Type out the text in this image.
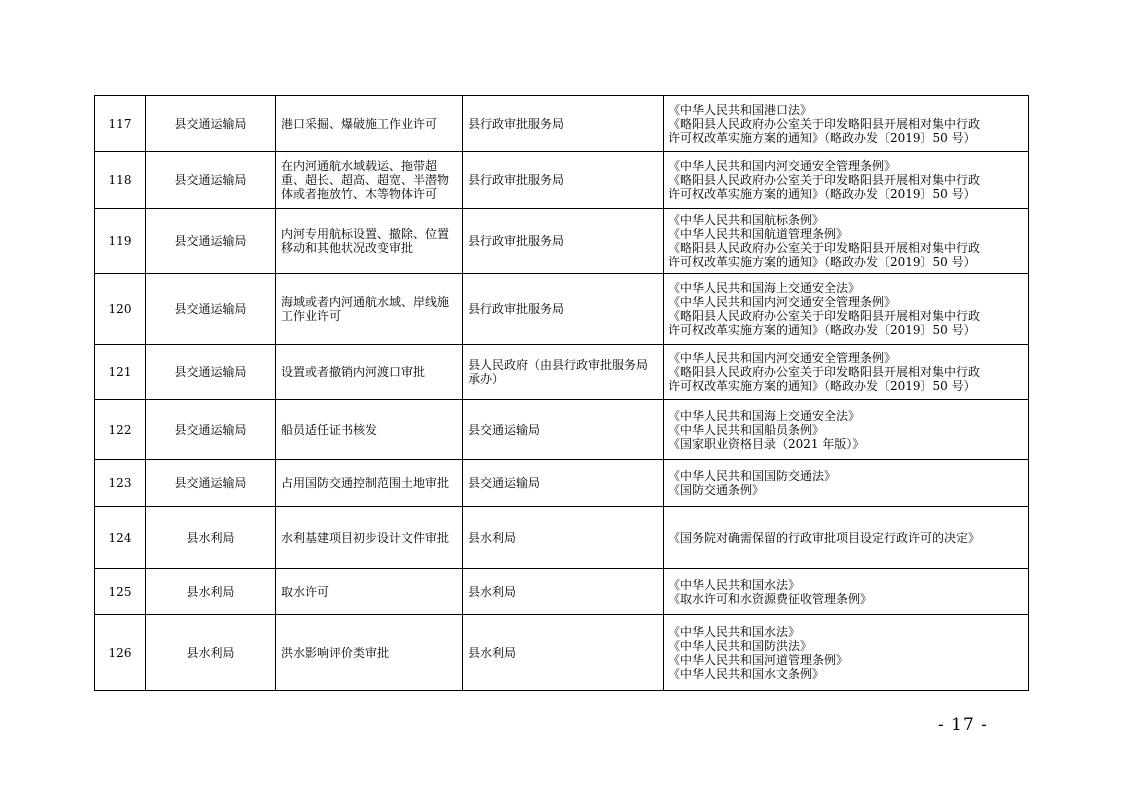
117	县交通运输局	港口采掘、爆破施工作业许可	县行政审批服务局	《中华人民共和国港口法》
《略阳县人民政府办公室关于印发略阳县开展相对集中行政
许可权改革实施方案的通知》（略政办发〔2019〕50 号）

118	县交通运输局	在内河通航水域载运、拖带超重、超长、超高、超宽、半潜物体或者拖放竹、木等物体许可	县行政审批服务局	《中华人民共和国内河交通安全管理条例》
《略阳县人民政府办公室关于印发略阳县开展相对集中行政
许可权改革实施方案的通知》（略政办发〔2019〕50 号）

119	县交通运输局	内河专用航标设置、撤除、位置移动和其他状况改变审批	县行政审批服务局	《中华人民共和国航标条例》
《中华人民共和国航道管理条例》
《略阳县人民政府办公室关于印发略阳县开展相对集中行政
许可权改革实施方案的通知》（略政办发〔2019〕50 号）

120	县交通运输局	海域或者内河通航水域、岸线施工作业许可	县行政审批服务局	《中华人民共和国海上交通安全法》
《中华人民共和国内河交通安全管理条例》
《略阳县人民政府办公室关于印发略阳县开展相对集中行政
许可权改革实施方案的通知》（略政办发〔2019〕50 号）

121	县交通运输局	设置或者撤销内河渡口审批	县人民政府（由县行政审批服务局承办）	《中华人民共和国内河交通安全管理条例》
《略阳县人民政府办公室关于印发略阳县开展相对集中行政
许可权改革实施方案的通知》（略政办发〔2019〕50 号）

122	县交通运输局	船员适任证书核发	县交通运输局	《中华人民共和国海上交通安全法》
《中华人民共和国船员条例》
《国家职业资格目录（2021 年版）》

123	县交通运输局	占用国防交通控制范围土地审批	县交通运输局	《中华人民共和国国防交通法》
《国防交通条例》

124	县水利局	水利基建项目初步设计文件审批	县水利局	《国务院对确需保留的行政审批项目设定行政许可的决定》

125	县水利局	取水许可	县水利局	《中华人民共和国水法》
《取水许可和水资源费征收管理条例》

126	县水利局	洪水影响评价类审批	县水利局	《中华人民共和国水法》
《中华人民共和国防洪法》
《中华人民共和国河道管理条例》
《中华人民共和国水文条例》
- 17 -
